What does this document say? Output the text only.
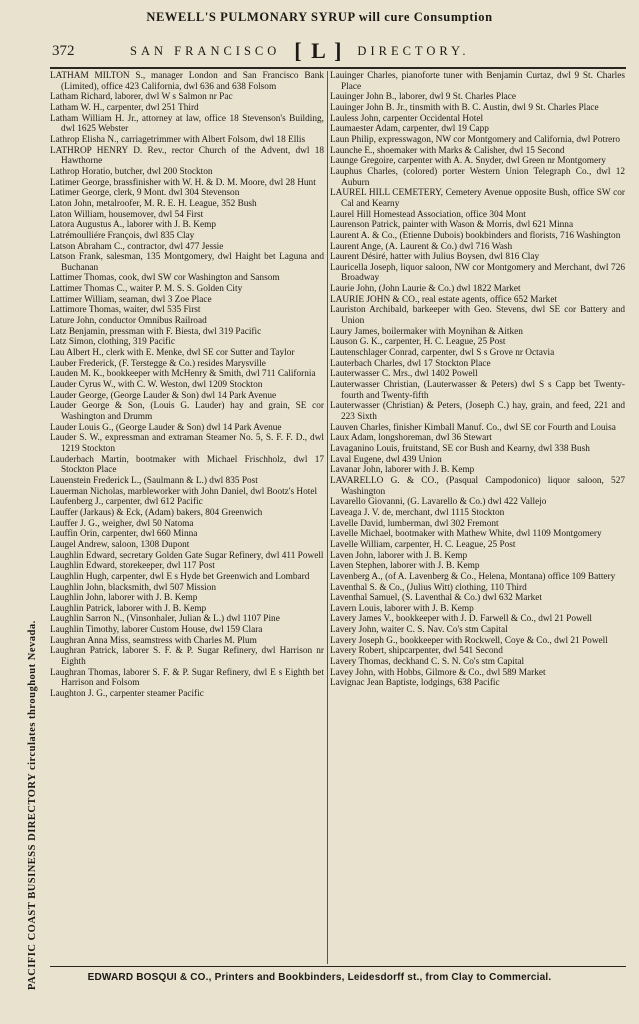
NEWELL'S PULMONARY SYRUP will cure Consumption
372	SAN FRANCISCO [ L ] DIRECTORY.
PACIFIC COAST BUSINESS DIRECTORY circulates throughout Nevada.

LATHAM MILTON S., manager London and San Francisco Bank (Limited), office 423 California, dwl 636 and 638 Folsom

Latham Richard, laborer, dwl W s Salmon nr Pac

Latham W. H., carpenter, dwl 251 Third

Latham William H. Jr., attorney at law, office 18 Stevenson's Building, dwl 1625 Webster

Lathrop Elisha N., carriagetrimmer with Albert Folsom, dwl 18 Ellis

LATHROP HENRY D. Rev., rector Church of the Advent, dwl 18 Hawthorne

Lathrop Horatio, butcher, dwl 200 Stockton

Latimer George, brassfinisher with W. H. & D. M. Moore, dwl 28 Hunt

Latimer George, clerk, 9 Mont. dwl 304 Stevenson

Laton John, metalroofer, M. R. E. H. League, 352 Bush

Laton William, housemover, dwl 54 First

Latora Augustus A., laborer with J. B. Kemp

Latrémoulliére François, dwl 835 Clay

Latson Abraham C., contractor, dwl 477 Jessie

Latson Frank, salesman, 135 Montgomery, dwl Haight bet Laguna and Buchanan

Lattimer Thomas, cook, dwl SW cor Washington and Sansom

Lattimer Thomas C., waiter P. M. S. S. Golden City

Lattimer William, seaman, dwl 3 Zoe Place

Lattimore Thomas, waiter, dwl 535 First

Lature John, conductor Omnibus Railroad

Latz Benjamin, pressman with F. Biesta, dwl 319 Pacific

Latz Simon, clothing, 319 Pacific

Lau Albert H., clerk with E. Menke, dwl SE cor Sutter and Taylor

Lauber Frederick, (F. Terstegge & Co.) resides Marysville

Lauden M. K., bookkeeper with McHenry & Smith, dwl 711 California

Lauder Cyrus W., with C. W. Weston, dwl 1209 Stockton

Lauder George, (George Lauder & Son) dwl 14 Park Avenue

Lauder George & Son, (Louis G. Lauder) hay and grain, SE cor Washington and Drumm

Lauder Louis G., (George Lauder & Son) dwl 14 Park Avenue

Lauder S. W., expressman and extraman Steamer No. 5, S. F. F. D., dwl 1219 Stockton

Lauderbach Martin, bootmaker with Michael Frischholz, dwl 17 Stockton Place

Lauenstein Frederick L., (Saulmann & L.) dwl 835 Post

Lauerman Nicholas, marbleworker with John Daniel, dwl Bootz's Hotel

Laufenberg J., carpenter, dwl 612 Pacific

Lauffer (Jarkaus) & Eck, (Adam) bakers, 804 Greenwich

Lauffer J. G., weigher, dwl 50 Natoma

Lauffin Orin, carpenter, dwl 660 Minna

Laugel Andrew, saloon, 1308 Dupont

Laughlin Edward, secretary Golden Gate Sugar Refinery, dwl 411 Powell

Laughlin Edward, storekeeper, dwl 117 Post

Laughlin Hugh, carpenter, dwl E s Hyde bet Greenwich and Lombard

Laughlin John, blacksmith, dwl 507 Mission

Laughlin John, laborer with J. B. Kemp

Laughlin Patrick, laborer with J. B. Kemp

Laughlin Sarron N., (Vinsonhaler, Julian & L.) dwl 1107 Pine

Laughlin Timothy, laborer Custom House, dwl 159 Clara

Laughran Anna Miss, seamstress with Charles M. Plum

Laughran Patrick, laborer S. F. & P. Sugar Refinery, dwl Harrison nr Eighth

Laughran Thomas, laborer S. F. & P. Sugar Refinery, dwl E s Eighth bet Harrison and Folsom

Laughton J. G., carpenter steamer Pacific

Lauinger Charles, pianoforte tuner with Benjamin Curtaz, dwl 9 St. Charles Place

Lauinger John B., laborer, dwl 9 St. Charles Place

Lauinger John B. Jr., tinsmith with B. C. Austin, dwl 9 St. Charles Place

Lauless John, carpenter Occidental Hotel

Laumaester Adam, carpenter, dwl 19 Capp

Laun Philip, expresswagon, NW cor Montgomery and California, dwl Potrero

Launche E., shoemaker with Marks & Calisher, dwl 15 Second

Launge Gregoire, carpenter with A. A. Snyder, dwl Green nr Montgomery

Lauphus Charles, (colored) porter Western Union Telegraph Co., dwl 12 Auburn

LAUREL HILL CEMETERY, Cemetery Avenue opposite Bush, office SW cor Cal and Kearny

Laurel Hill Homestead Association, office 304 Mont

Laurenson Patrick, painter with Wason & Morris, dwl 621 Minna

Laurent A. & Co., (Etienne Dubois) bookbinders and florists, 716 Washington

Laurent Ange, (A. Laurent & Co.) dwl 716 Wash

Laurent Désiré, hatter with Julius Boysen, dwl 816 Clay

Lauricella Joseph, liquor saloon, NW cor Montgomery and Merchant, dwl 726 Broadway

Laurie John, (John Laurie & Co.) dwl 1822 Market

LAURIE JOHN & CO., real estate agents, office 652 Market

Lauriston Archibald, barkeeper with Geo. Stevens, dwl SE cor Battery and Union

Laury James, boilermaker with Moynihan & Aitken

Lauson G. K., carpenter, H. C. League, 25 Post

Lautenschlager Conrad, carpenter, dwl S s Grove nr Octavia

Lauterbach Charles, dwl 17 Stockton Place

Lauterwasser C. Mrs., dwl 1402 Powell

Lauterwasser Christian, (Lauterwasser & Peters) dwl S s Capp bet Twenty-fourth and Twenty-fifth

Lauterwasser (Christian) & Peters, (Joseph C.) hay, grain, and feed, 221 and 223 Sixth

Lauven Charles, finisher Kimball Manuf. Co., dwl SE cor Fourth and Louisa

Laux Adam, longshoreman, dwl 36 Stewart

Lavaganino Louis, fruitstand, SE cor Bush and Kearny, dwl 338 Bush

Laval Eugene, dwl 439 Union

Lavanar John, laborer with J. B. Kemp

LAVARELLO G. & CO., (Pasqual Campodonico) liquor saloon, 527 Washington

Lavarello Giovanni, (G. Lavarello & Co.) dwl 422 Vallejo

Laveaga J. V. de, merchant, dwl 1115 Stockton

Lavelle David, lumberman, dwl 302 Fremont

Lavelle Michael, bootmaker with Mathew White, dwl 1109 Montgomery

Lavelle William, carpenter, H. C. League, 25 Post

Laven John, laborer with J. B. Kemp

Laven Stephen, laborer with J. B. Kemp

Lavenberg A., (of A. Lavenberg & Co., Helena, Montana) office 109 Battery

Laventhal S. & Co., (Julius Witt) clothing, 110 Third

Laventhal Samuel, (S. Laventhal & Co.) dwl 632 Market

Lavern Louis, laborer with J. B. Kemp

Lavery James V., bookkeeper with J. D. Farwell & Co., dwl 21 Powell

Lavery John, waiter C. S. Nav. Co's stm Capital

Lavery Joseph G., bookkeeper with Rockwell, Coye & Co., dwl 21 Powell

Lavery Robert, shipcarpenter, dwl 541 Second

Lavery Thomas, deckhand C. S. N. Co's stm Capital

Lavey John, with Hobbs, Gilmore & Co., dwl 589 Market

Lavignac Jean Baptiste, lodgings, 638 Pacific

EDWARD BOSQUI & CO., Printers and Bookbinders, Leidesdorff st., from Clay to Commercial.
